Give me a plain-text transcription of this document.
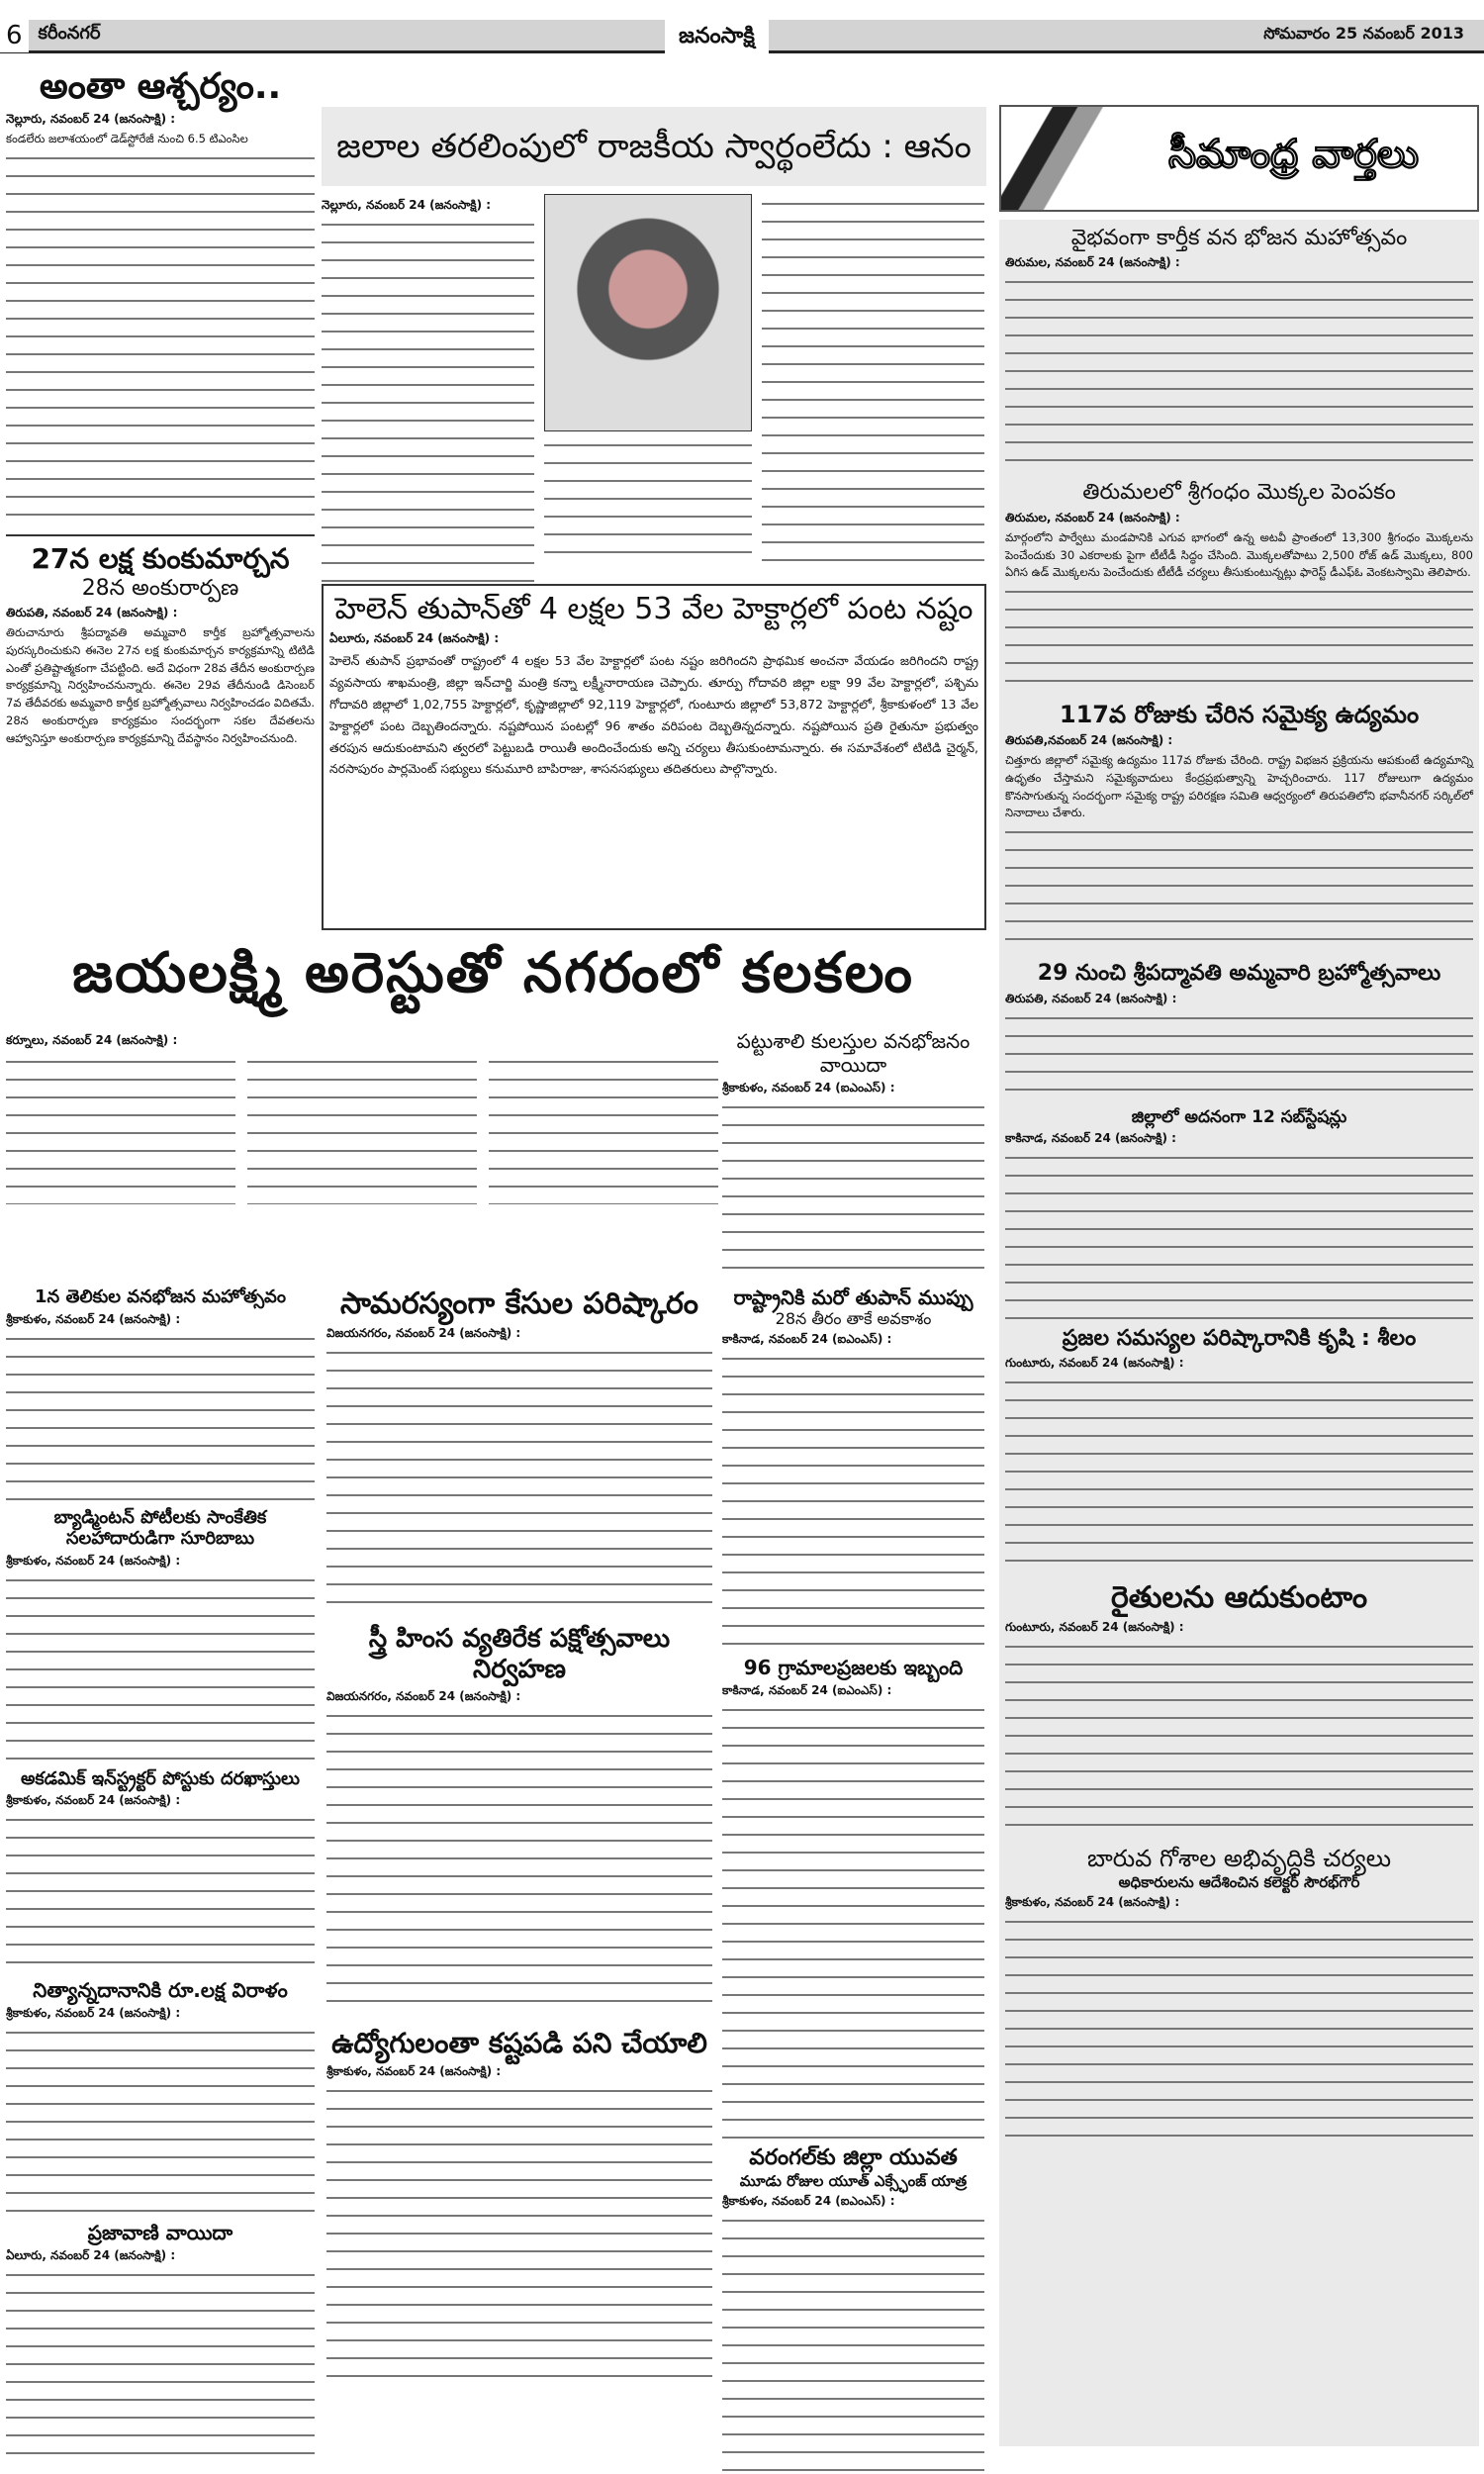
6 కరీంనగర్	జనంసాక్షి	సోమవారం 25 నవంబర్ 2013
అంతా ఆశ్చర్యం..
నెల్లూరు, నవంబర్ 24 (జనంసాక్షి) :
కండలేరు జలాశయంలో డెడ్‌స్టోరేజీ నుంచి 6.5 టిఎంసిల
27న లక్ష కుంకుమార్చన
28న అంకురార్పణ
తిరుపతి, నవంబర్ 24 (జనంసాక్షి) :
తిరుచానూరు శ్రీపద్మావతి అమ్మవారి కార్తీక బ్రహ్మోత్సవాలను పురస్కరించుకుని ఈనెల 27న లక్ష కుంకుమార్చన కార్యక్రమాన్ని టిటిడి ఎంతో ప్రతిష్టాత్మకంగా చేపట్టింది. అదే విధంగా 28వ తేదీన అంకురార్పణ కార్యక్రమాన్ని నిర్వహించనున్నారు. ఈనెల 29వ తేదీనుండి డిసెంబర్ 7వ తేదీవరకు అమ్మవారి కార్తీక బ్రహ్మోత్సవాలు నిర్వహించడం విదితమే. 28న అంకురార్పణ కార్యక్రమం సందర్భంగా సకల దేవతలను ఆహ్వానిస్తూ అంకురార్పణ కార్యక్రమాన్ని దేవస్థానం నిర్వహించనుంది.
జలాల తరలింపులో రాజకీయ స్వార్థంలేదు : ఆనం
నెల్లూరు, నవంబర్ 24 (జనంసాక్షి) :
హెలెన్ తుపాన్‌తో 4 లక్షల 53 వేల హెక్టార్లలో పంట నష్టం
ఏలూరు, నవంబర్ 24 (జనంసాక్షి) :
హెలెన్ తుపాన్ ప్రభావంతో రాష్ట్రంలో 4 లక్షల 53 వేల హెక్టార్లలో పంట నష్టం జరిగిందని ప్రాథమిక అంచనా వేయడం జరిగిందని రాష్ట్ర వ్యవసాయ శాఖమంత్రి, జిల్లా ఇన్‌చార్జి మంత్రి కన్నా లక్ష్మీనారాయణ చెప్పారు. తూర్పు గోదావరి జిల్లా లక్షా 99 వేల హెక్టార్లలో, పశ్చిమ గోదావరి జిల్లాలో 1,02,755 హెక్టార్లలో, కృష్ణాజిల్లాలో 92,119 హెక్టార్లలో, గుంటూరు జిల్లాలో 53,872 హెక్టార్లలో, శ్రీకాకుళంలో 13 వేల హెక్టార్లలో పంట దెబ్బతిందన్నారు. నష్టపోయిన పంటల్లో 96 శాతం వరిపంట దెబ్బతిన్నదన్నారు. నష్టపోయిన ప్రతి రైతునూ ప్రభుత్వం తరపున ఆదుకుంటామని త్వరలో పెట్టుబడి రాయితీ అందించేందుకు అన్ని చర్యలు తీసుకుంటామన్నారు. ఈ సమావేశంలో టిటిడి చైర్మన్, నరసాపురం పార్లమెంట్ సభ్యులు కనుమూరి బాపిరాజు, శాసనసభ్యులు తదితరులు పాల్గొన్నారు.
జయలక్ష్మి అరెస్టుతో నగరంలో కలకలం
కర్నూలు, నవంబర్ 24 (జనంసాక్షి) :
1న తెలికుల వనభోజన మహోత్సవం
శ్రీకాకుళం, నవంబర్ 24 (జనంసాక్షి) :
బ్యాడ్మింటన్ పోటీలకు సాంకేతిక సలహాదారుడిగా సూరిబాబు
శ్రీకాకుళం, నవంబర్ 24 (జనంసాక్షి) :
అకడమిక్ ఇన్‌స్ట్రక్టర్ పోస్టుకు దరఖాస్తులు
శ్రీకాకుళం, నవంబర్ 24 (జనంసాక్షి) :
నిత్యాన్నదానానికి రూ.లక్ష విరాళం
శ్రీకాకుళం, నవంబర్ 24 (జనంసాక్షి) :
ప్రజావాణి వాయిదా
ఏలూరు, నవంబర్ 24 (జనంసాక్షి) :
సామరస్యంగా కేసుల పరిష్కారం
విజయనగరం, నవంబర్ 24 (జనంసాక్షి) :
స్త్రీ హింస వ్యతిరేక పక్షోత్సవాలు నిర్వహణ
విజయనగరం, నవంబర్ 24 (జనంసాక్షి) :
ఉద్యోగులంతా కష్టపడి పని చేయాలి
శ్రీకాకుళం, నవంబర్ 24 (జనంసాక్షి) :
పట్టుశాలి కులస్తుల వనభోజనం వాయిదా
శ్రీకాకుళం, నవంబర్ 24 (ఐఎంఎస్) :
రాష్ట్రానికి మరో తుపాన్ ముప్పు
28న తీరం తాకే అవకాశం
కాకినాడ, నవంబర్ 24 (ఐఎంఎస్) :
96 గ్రామాలప్రజలకు ఇబ్బంది
కాకినాడ, నవంబర్ 24 (ఐఎంఎస్) :
వరంగల్‌కు జిల్లా యువత
మూడు రోజుల యూత్ ఎక్స్ఛేంజ్ యాత్ర
శ్రీకాకుళం, నవంబర్ 24 (ఐఎంఎస్) :
సీమాంధ్ర వార్తలు
వైభవంగా కార్తీక వన భోజన మహోత్సవం
తిరుమల, నవంబర్ 24 (జనంసాక్షి) :
తిరుమలలో శ్రీగంధం మొక్కల పెంపకం
తిరుమల, నవంబర్ 24 (జనంసాక్షి) :
మార్గంలోని పార్వేటు మండపానికి ఎగువ భాగంలో ఉన్న అటవీ ప్రాంతంలో 13,300 శ్రీగంధం మొక్కలను పెంచేందుకు 30 ఎకరాలకు పైగా టీటీడీ సిద్ధం చేసింది. మొక్కలతోపాటు 2,500 రోజ్ ఉడ్ మొక్కలు, 800 ఏగిస ఉడ్ మొక్కలను పెంచేందుకు టీటీడీ చర్యలు తీసుకుంటున్నట్లు ఫారెస్ట్ డీఎఫ్‌ఓ వెంకటస్వామి తెలిపారు.
117వ రోజుకు చేరిన సమైక్య ఉద్యమం
తిరుపతి,నవంబర్ 24 (జనంసాక్షి) :
చిత్తూరు జిల్లాలో సమైక్య ఉద్యమం 117వ రోజుకు చేరింది. రాష్ట్ర విభజన ప్రక్రియను ఆపకుంటే ఉద్యమాన్ని ఉధృతం చేస్తామని సమైక్యవాదులు కేంద్రప్రభుత్వాన్ని హెచ్చరించారు. 117 రోజులుగా ఉద్యమం కొనసాగుతున్న సందర్భంగా సమైక్య రాష్ట్ర పరిరక్షణ సమితి ఆధ్వర్యంలో తిరుపతిలోని భవానీనగర్ సర్కిల్‌లో నినాదాలు చేశారు.
29 నుంచి శ్రీపద్మావతి అమ్మవారి బ్రహ్మోత్సవాలు
తిరుపతి, నవంబర్ 24 (జనంసాక్షి) :
జిల్లాలో అదనంగా 12 సబ్‌స్టేషన్లు
కాకినాడ, నవంబర్ 24 (జనంసాక్షి) :
ప్రజల సమస్యల పరిష్కారానికి కృషి : శీలం
గుంటూరు, నవంబర్ 24 (జనంసాక్షి) :
రైతులను ఆదుకుంటాం
గుంటూరు, నవంబర్ 24 (జనంసాక్షి) :
బారువ గోశాల అభివృద్ధికి చర్యలు
అధికారులను ఆదేశించిన కలెక్టర్ సౌరభ్‌గౌర్
శ్రీకాకుళం, నవంబర్ 24 (జనంసాక్షి) :
